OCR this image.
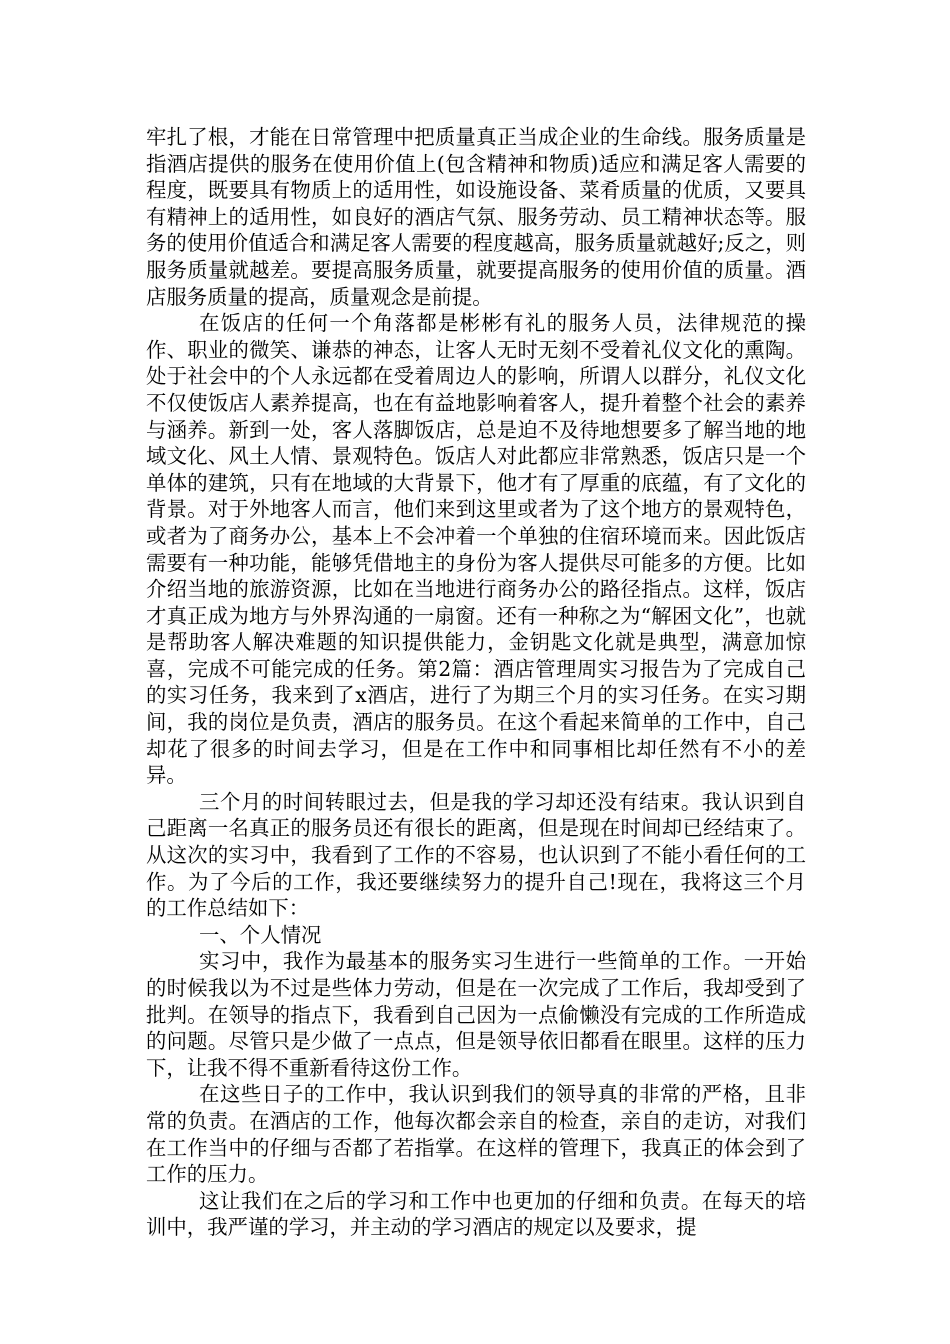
牢扎了根，才能在日常管理中把质量真正当成企业的生命线。服务质量是指酒店提供的服务在使用价值上(包含精神和物质)适应和满足客人需要的程度，既要具有物质上的适用性，如设施设备、菜肴质量的优质，又要具有精神上的适用性，如良好的酒店气氛、服务劳动、员工精神状态等。服务的使用价值适合和满足客人需要的程度越高，服务质量就越好;反之，则服务质量就越差。要提高服务质量，就要提高服务的使用价值的质量。酒店服务质量的提高，质量观念是前提。

在饭店的任何一个角落都是彬彬有礼的服务人员，法律规范的操作、职业的微笑、谦恭的神态，让客人无时无刻不受着礼仪文化的熏陶。处于社会中的个人永远都在受着周边人的影响，所谓人以群分，礼仪文化不仅使饭店人素养提高，也在有益地影响着客人，提升着整个社会的素养与涵养。新到一处，客人落脚饭店，总是迫不及待地想要多了解当地的地域文化、风土人情、景观特色。饭店人对此都应非常熟悉，饭店只是一个单体的建筑，只有在地域的大背景下，他才有了厚重的底蕴，有了文化的背景。对于外地客人而言，他们来到这里或者为了这个地方的景观特色，或者为了商务办公，基本上不会冲着一个单独的住宿环境而来。因此饭店需要有一种功能，能够凭借地主的身份为客人提供尽可能多的方便。比如介绍当地的旅游资源，比如在当地进行商务办公的路径指点。这样，饭店才真正成为地方与外界沟通的一扇窗。还有一种称之为“解困文化”，也就是帮助客人解决难题的知识提供能力，金钥匙文化就是典型，满意加惊喜，完成不可能完成的任务。第2篇：酒店管理周实习报告为了完成自己的实习任务，我来到了x酒店，进行了为期三个月的实习任务。在实习期间，我的岗位是负责，酒店的服务员。在这个看起来简单的工作中，自己却花了很多的时间去学习，但是在工作中和同事相比却任然有不小的差异。

三个月的时间转眼过去，但是我的学习却还没有结束。我认识到自己距离一名真正的服务员还有很长的距离，但是现在时间却已经结束了。从这次的实习中，我看到了工作的不容易，也认识到了不能小看任何的工作。为了今后的工作，我还要继续努力的提升自己!现在，我将这三个月的工作总结如下：

一、个人情况

实习中，我作为最基本的服务实习生进行一些简单的工作。一开始的时候我以为不过是些体力劳动，但是在一次完成了工作后，我却受到了批判。在领导的指点下，我看到自己因为一点偷懒没有完成的工作所造成的问题。尽管只是少做了一点点，但是领导依旧都看在眼里。这样的压力下，让我不得不重新看待这份工作。

在这些日子的工作中，我认识到我们的领导真的非常的严格，且非常的负责。在酒店的工作，他每次都会亲自的检查，亲自的走访，对我们在工作当中的仔细与否都了若指掌。在这样的管理下，我真正的体会到了工作的压力。

这让我们在之后的学习和工作中也更加的仔细和负责。在每天的培训中，我严谨的学习，并主动的学习酒店的规定以及要求，提
